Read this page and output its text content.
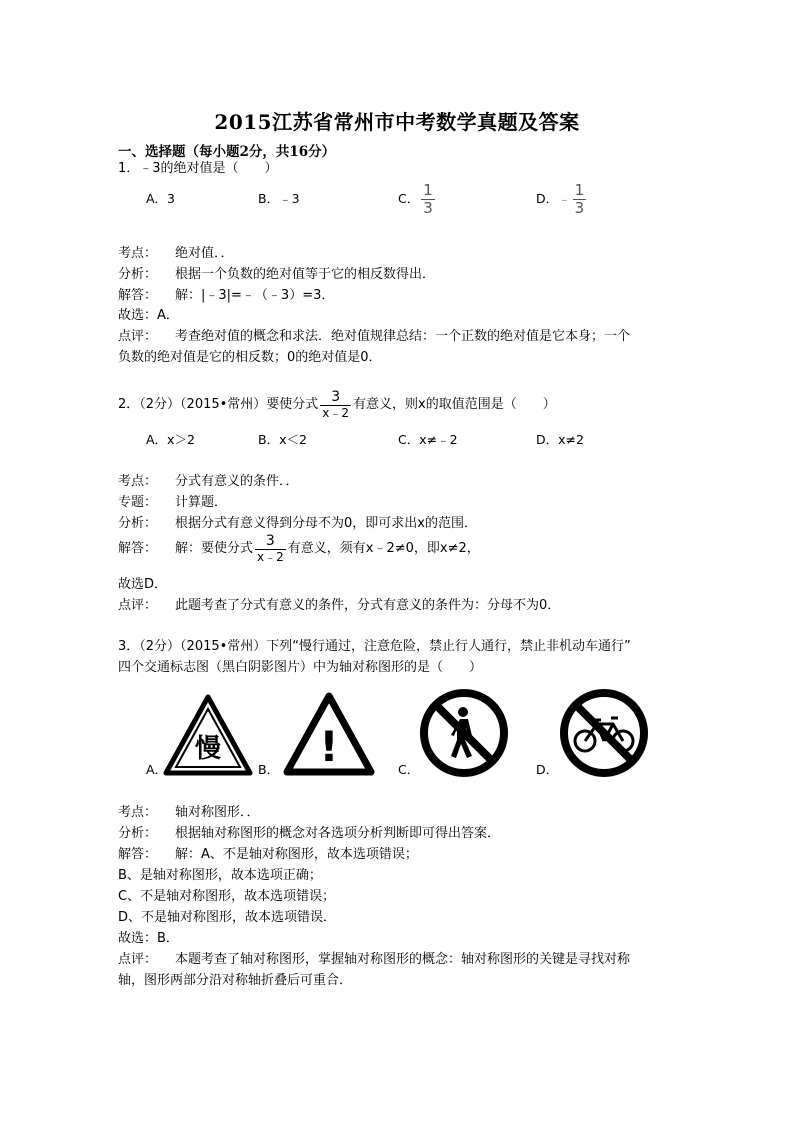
2015江苏省常州市中考数学真题及答案
一、选择题（每小题2分，共16分）
1．﹣3的绝对值是（　　）
A．3	B．﹣3	C． $\frac{1}{3}$	D．﹣ $\frac{1}{3}$
考点： 绝对值．．
分析： 根据一个负数的绝对值等于它的相反数得出．
解答： 解：|﹣3|=﹣（﹣3）=3．
故选：A．
点评： 考查绝对值的概念和求法．绝对值规律总结：一个正数的绝对值是它本身；一个
负数的绝对值是它的相反数；0的绝对值是0．
2．（2分）（2015•常州）要使分式 $\frac{3}{x﹣2}$ 有意义，则x的取值范围是（　　）
A．x＞2	B．x＜2	C．x≠﹣2	D．x≠2
考点： 分式有意义的条件．．
专题： 计算题．
分析： 根据分式有意义得到分母不为0，即可求出x的范围．
解答： 解：要使分式 $\frac{3}{x﹣2}$ 有意义，须有x﹣2≠0，即x≠2，
故选D．
点评： 此题考查了分式有意义的条件，分式有意义的条件为：分母不为0．
3．（2分）（2015•常州）下列“慢行通过，注意危险，禁止行人通行，禁止非机动车通行”
四个交通标志图（黑白阴影图片）中为轴对称图形的是（　　）
慢 !
A．	B．	C．	D．
考点： 轴对称图形．．
分析： 根据轴对称图形的概念对各选项分析判断即可得出答案．
解答： 解：A、不是轴对称图形，故本选项错误；
B、是轴对称图形，故本选项正确；
C、不是轴对称图形，故本选项错误；
D、不是轴对称图形，故本选项错误．
故选：B．
点评： 本题考查了轴对称图形，掌握轴对称图形的概念：轴对称图形的关键是寻找对称
轴，图形两部分沿对称轴折叠后可重合．
